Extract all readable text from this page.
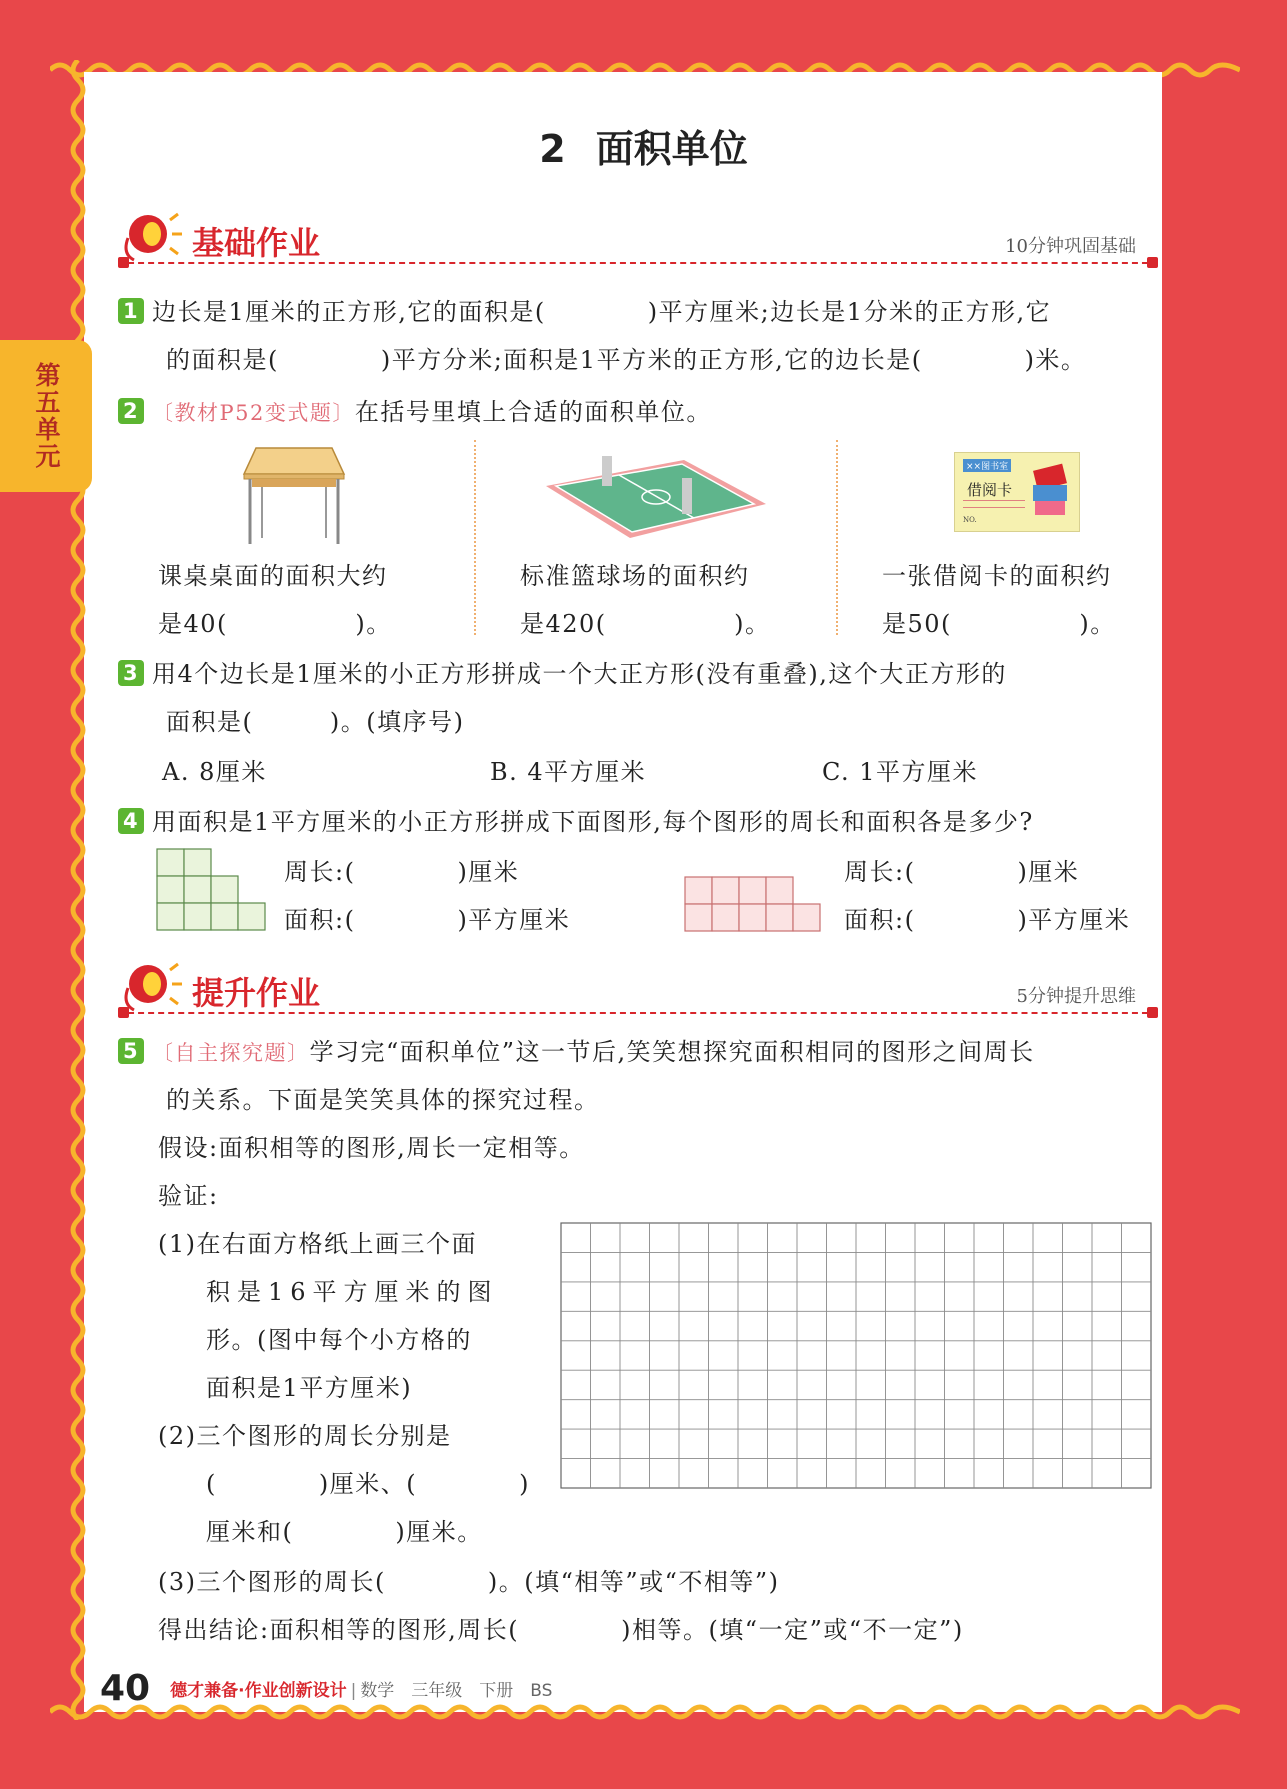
第五单元
2 面积单位
基础作业	10分钟巩固基础
1 边长是1厘米的正方形,它的面积是(　　　　)平方厘米;边长是1分米的正方形,它
的面积是(　　　　)平方分米;面积是1平方米的正方形,它的边长是(　　　　)米。
2 〔教材P52变式题〕在括号里填上合适的面积单位。
××图书室
借阅卡
NO.
课桌桌面的面积大约
是40(　　　　　)。
标准篮球场的面积约
是420(　　　　　)。
一张借阅卡的面积约
是50(　　　　　)。
3 用4个边长是1厘米的小正方形拼成一个大正方形(没有重叠),这个大正方形的
面积是(　　　)。(填序号)
A. 8厘米	B. 4平方厘米	C. 1平方厘米
4 用面积是1平方厘米的小正方形拼成下面图形,每个图形的周长和面积各是多少?
周长:(　　　　)厘米
面积:(　　　　)平方厘米
周长:(　　　　)厘米
面积:(　　　　)平方厘米
提升作业	5分钟提升思维
5 〔自主探究题〕学习完“面积单位”这一节后,笑笑想探究面积相同的图形之间周长
的关系。下面是笑笑具体的探究过程。
假设:面积相等的图形,周长一定相等。
验证:
(1)在右面方格纸上画三个面
积是16平方厘米的图
形。(图中每个小方格的
面积是1平方厘米)
(2)三个图形的周长分别是
(　　　　)厘米、(　　　　)
厘米和(　　　　)厘米。
(3)三个图形的周长(　　　　)。(填“相等”或“不相等”)
得出结论:面积相等的图形,周长(　　　　)相等。(填“一定”或“不一定”)
40 德才兼备·作业创新设计 | 数学　三年级　下册　BS
